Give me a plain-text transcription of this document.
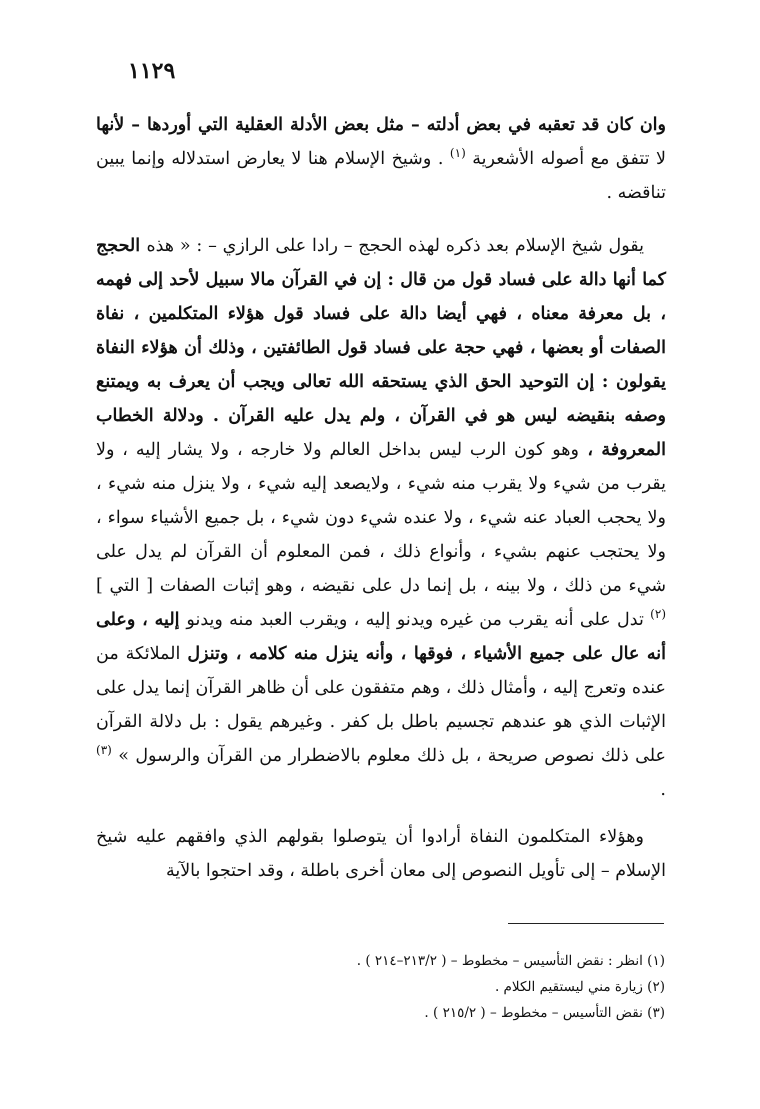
١١٢٩

وان كان قد تعقبه في بعض أدلته – مثل بعض الأدلة العقلية التي أوردها – لأنها لا تتفق مع أصوله الأشعرية $^{(١)}$ . وشيخ الإسلام هنا لا يعارض استدلاله وإنما يبين تناقضه .

يقول شيخ الإسلام بعد ذكره لهذه الحجج – رادا على الرازي – : « هذه الحجج كما أنها دالة على فساد قول من قال : إن في القرآن مالا سبيل لأحد إلى فهمه ، بل معرفة معناه ، فهي أيضا دالة على فساد قول هؤلاء المتكلمين ، نفاة الصفات أو بعضها ، فهي حجة على فساد قول الطائفتين ، وذلك أن هؤلاء النفاة يقولون : إن التوحيد الحق الذي يستحقه الله تعالى ويجب أن يعرف به ويمتنع وصفه بنقيضه ليس هو في القرآن ، ولم يدل عليه القرآن . ودلالة الخطاب المعروفة ، وهو كون الرب ليس بداخل العالم ولا خارجه ، ولا يشار إليه ، ولا يقرب من شيء ولا يقرب منه شيء ، ولايصعد إليه شيء ، ولا ينزل منه شيء ، ولا يحجب العباد عنه شيء ، ولا عنده شيء دون شيء ، بل جميع الأشياء سواء ، ولا يحتجب عنهم بشيء ، وأنواع ذلك ، فمن المعلوم أن القرآن لم يدل على شيء من ذلك ، ولا بينه ، بل إنما دل على نقيضه ، وهو إثبات الصفات [ التي ] $^{(٢)}$ تدل على أنه يقرب من غيره ويدنو إليه ، ويقرب العبد منه ويدنو إليه ، وعلى أنه عال على جميع الأشياء ، فوقها ، وأنه ينزل منه كلامه ، وتنزل الملائكة من عنده وتعرج إليه ، وأمثال ذلك ، وهم متفقون على أن ظاهر القرآن إنما يدل على الإثبات الذي هو عندهم تجسيم باطل بل كفر . وغيرهم يقول : بل دلالة القرآن على ذلك نصوص صريحة ، بل ذلك معلوم بالاضطرار من القرآن والرسول » $^{(٣)}$ .

وهؤلاء المتكلمون النفاة أرادوا أن يتوصلوا بقولهم الذي وافقهم عليه شيخ الإسلام – إلى تأويل النصوص إلى معان أخرى باطلة ، وقد احتجوا بالآية

(١) انظر : نقض التأسيس – مخطوط – ( ٢١٣/٢–٢١٤ ) .
(٢) زيارة مني ليستقيم الكلام .
(٣) نقض التأسيس – مخطوط – ( ٢١٥/٢ ) .
